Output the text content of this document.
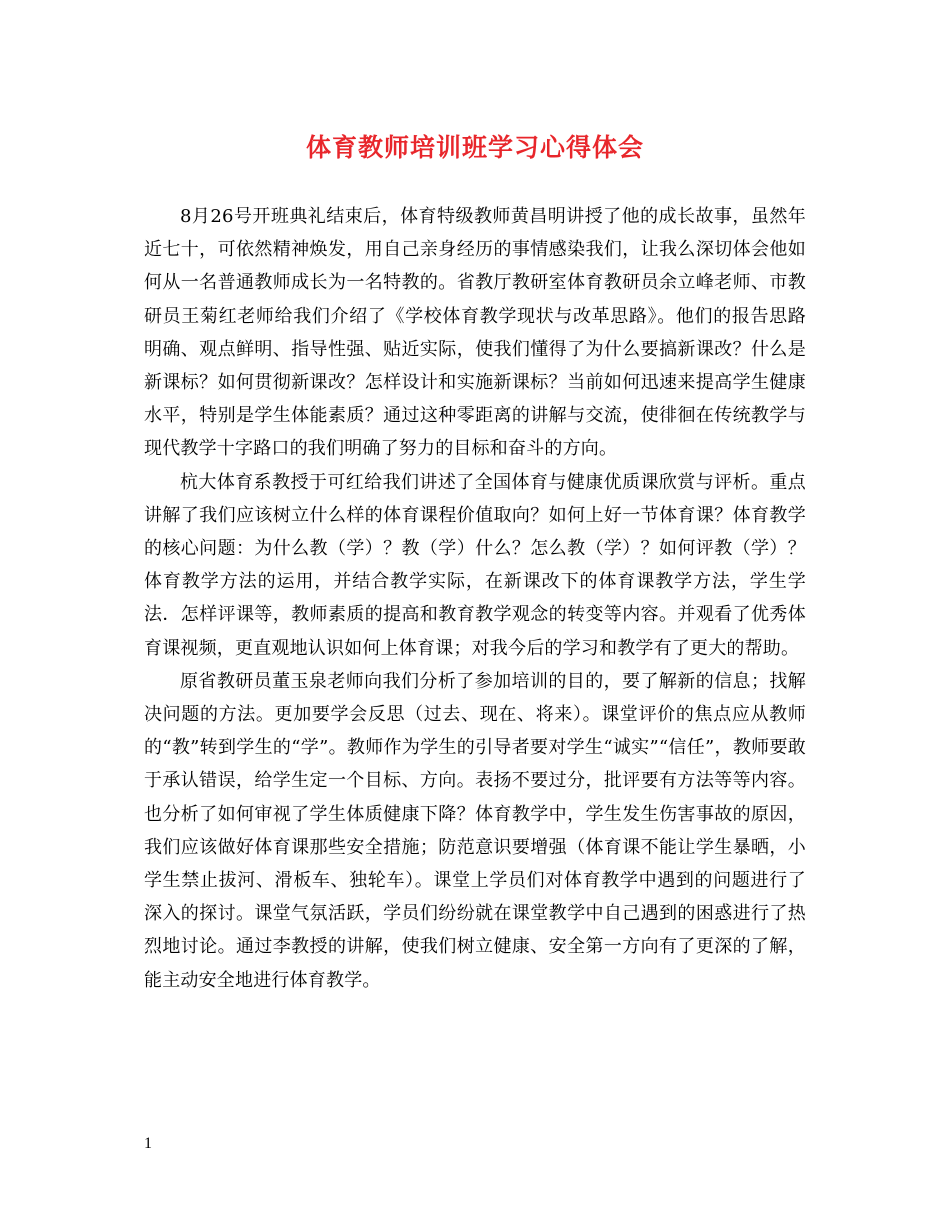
体育教师培训班学习心得体会

8月26号开班典礼结束后，体育特级教师黄昌明讲授了他的成长故事，虽然年近七十，可依然精神焕发，用自己亲身经历的事情感染我们，让我么深切体会他如何从一名普通教师成长为一名特教的。省教厅教研室体育教研员余立峰老师、市教研员王菊红老师给我们介绍了《学校体育教学现状与改革思路》。他们的报告思路明确、观点鲜明、指导性强、贴近实际，使我们懂得了为什么要搞新课改？什么是新课标？如何贯彻新课改？怎样设计和实施新课标？当前如何迅速来提高学生健康水平，特别是学生体能素质？通过这种零距离的讲解与交流，使徘徊在传统教学与现代教学十字路口的我们明确了努力的目标和奋斗的方向。

杭大体育系教授于可红给我们讲述了全国体育与健康优质课欣赏与评析。重点讲解了我们应该树立什么样的体育课程价值取向？如何上好一节体育课？体育教学的核心问题：为什么教（学）？教（学）什么？怎么教（学）？如何评教（学）？体育教学方法的运用，并结合教学实际，在新课改下的体育课教学方法，学生学法．怎样评课等，教师素质的提高和教育教学观念的转变等内容。并观看了优秀体育课视频，更直观地认识如何上体育课；对我今后的学习和教学有了更大的帮助。

原省教研员董玉泉老师向我们分析了参加培训的目的，要了解新的信息；找解决问题的方法。更加要学会反思（过去、现在、将来）。课堂评价的焦点应从教师的“教”转到学生的“学”。教师作为学生的引导者要对学生“诚实”“信任”，教师要敢于承认错误，给学生定一个目标、方向。表扬不要过分，批评要有方法等等内容。也分析了如何审视了学生体质健康下降？体育教学中，学生发生伤害事故的原因，我们应该做好体育课那些安全措施；防范意识要增强（体育课不能让学生暴晒，小学生禁止拔河、滑板车、独轮车）。课堂上学员们对体育教学中遇到的问题进行了深入的探讨。课堂气氛活跃，学员们纷纷就在课堂教学中自己遇到的困惑进行了热烈地讨论。通过李教授的讲解，使我们树立健康、安全第一方向有了更深的了解，能主动安全地进行体育教学。

1
